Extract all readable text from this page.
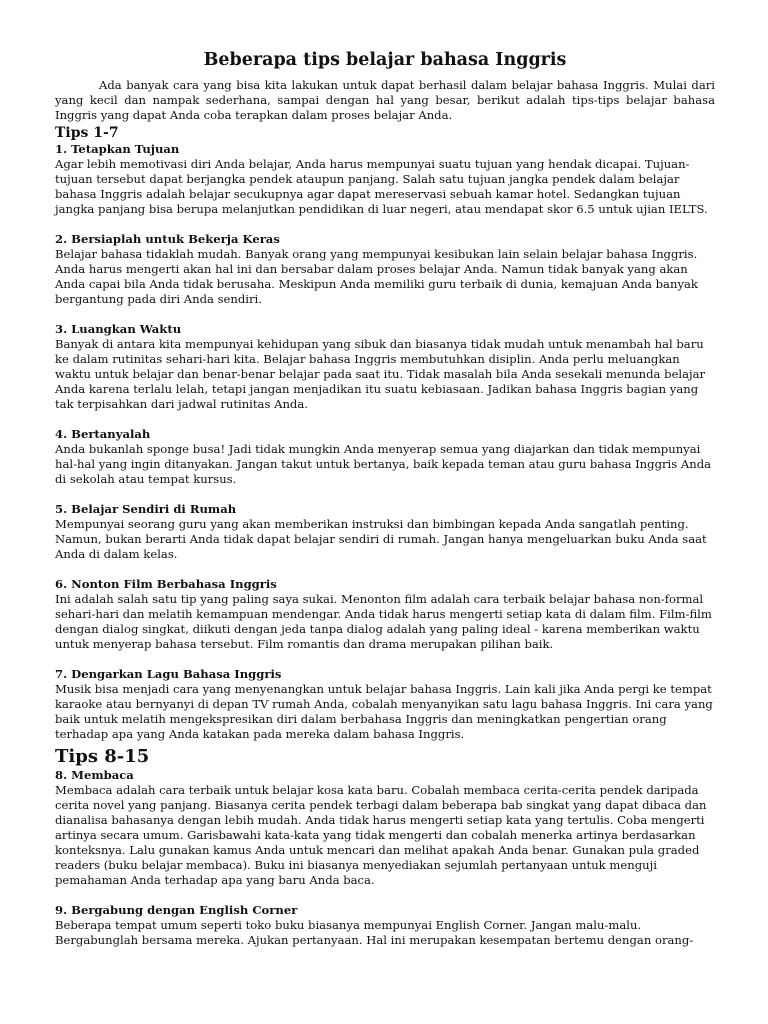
Beberapa tips belajar bahasa Inggris

Ada banyak cara yang bisa kita lakukan untuk dapat berhasil dalam belajar bahasa Inggris. Mulai dari yang kecil dan nampak sederhana, sampai dengan hal yang besar, berikut adalah tips-tips belajar bahasa Inggris yang dapat Anda coba terapkan dalam proses belajar Anda.

Tips 1-7
1. Tetapkan Tujuan

Agar lebih memotivasi diri Anda belajar, Anda harus mempunyai suatu tujuan yang hendak dicapai. Tujuan-tujuan tersebut dapat berjangka pendek ataupun panjang. Salah satu tujuan jangka pendek dalam belajar bahasa Inggris adalah belajar secukupnya agar dapat mereservasi sebuah kamar hotel. Sedangkan tujuan jangka panjang bisa berupa melanjutkan pendidikan di luar negeri, atau mendapat skor 6.5 untuk ujian IELTS.

2. Bersiaplah untuk Bekerja Keras

Belajar bahasa tidaklah mudah. Banyak orang yang mempunyai kesibukan lain selain belajar bahasa Inggris. Anda harus mengerti akan hal ini dan bersabar dalam proses belajar Anda. Namun tidak banyak yang akan Anda capai bila Anda tidak berusaha. Meskipun Anda memiliki guru terbaik di dunia, kemajuan Anda banyak bergantung pada diri Anda sendiri.

3. Luangkan Waktu

Banyak di antara kita mempunyai kehidupan yang sibuk dan biasanya tidak mudah untuk menambah hal baru ke dalam rutinitas sehari-hari kita. Belajar bahasa Inggris membutuhkan disiplin. Anda perlu meluangkan waktu untuk belajar dan benar-benar belajar pada saat itu. Tidak masalah bila Anda sesekali menunda belajar Anda karena terlalu lelah, tetapi jangan menjadikan itu suatu kebiasaan. Jadikan bahasa Inggris bagian yang tak terpisahkan dari jadwal rutinitas Anda.

4. Bertanyalah

Anda bukanlah sponge busa! Jadi tidak mungkin Anda menyerap semua yang diajarkan dan tidak mempunyai hal-hal yang ingin ditanyakan. Jangan takut untuk bertanya, baik kepada teman atau guru bahasa Inggris Anda di sekolah atau tempat kursus.

5. Belajar Sendiri di Rumah

Mempunyai seorang guru yang akan memberikan instruksi dan bimbingan kepada Anda sangatlah penting. Namun, bukan berarti Anda tidak dapat belajar sendiri di rumah. Jangan hanya mengeluarkan buku Anda saat Anda di dalam kelas.

6. Nonton Film Berbahasa Inggris

Ini adalah salah satu tip yang paling saya sukai. Menonton film adalah cara terbaik belajar bahasa non-formal sehari-hari dan melatih kemampuan mendengar. Anda tidak harus mengerti setiap kata di dalam film. Film-film dengan dialog singkat, diikuti dengan jeda tanpa dialog adalah yang paling ideal - karena memberikan waktu untuk menyerap bahasa tersebut. Film romantis dan drama merupakan pilihan baik.

7. Dengarkan Lagu Bahasa Inggris

Musik bisa menjadi cara yang menyenangkan untuk belajar bahasa Inggris. Lain kali jika Anda pergi ke tempat karaoke atau bernyanyi di depan TV rumah Anda, cobalah menyanyikan satu lagu bahasa Inggris. Ini cara yang baik untuk melatih mengekspresikan diri dalam berbahasa Inggris dan meningkatkan pengertian orang terhadap apa yang Anda katakan pada mereka dalam bahasa Inggris.

Tips 8-15
8. Membaca

Membaca adalah cara terbaik untuk belajar kosa kata baru. Cobalah membaca cerita-cerita pendek daripada cerita novel yang panjang. Biasanya cerita pendek terbagi dalam beberapa bab singkat yang dapat dibaca dan dianalisa bahasanya dengan lebih mudah. Anda tidak harus mengerti setiap kata yang tertulis. Coba mengerti artinya secara umum. Garisbawahi kata-kata yang tidak mengerti dan cobalah menerka artinya berdasarkan konteksnya. Lalu gunakan kamus Anda untuk mencari dan melihat apakah Anda benar. Gunakan pula graded readers (buku belajar membaca). Buku ini biasanya menyediakan sejumlah pertanyaan untuk menguji pemahaman Anda terhadap apa yang baru Anda baca.

9. Bergabung dengan English Corner

Beberapa tempat umum seperti toko buku biasanya mempunyai English Corner. Jangan malu-malu. Bergabunglah bersama mereka. Ajukan pertanyaan. Hal ini merupakan kesempatan bertemu dengan orang-
